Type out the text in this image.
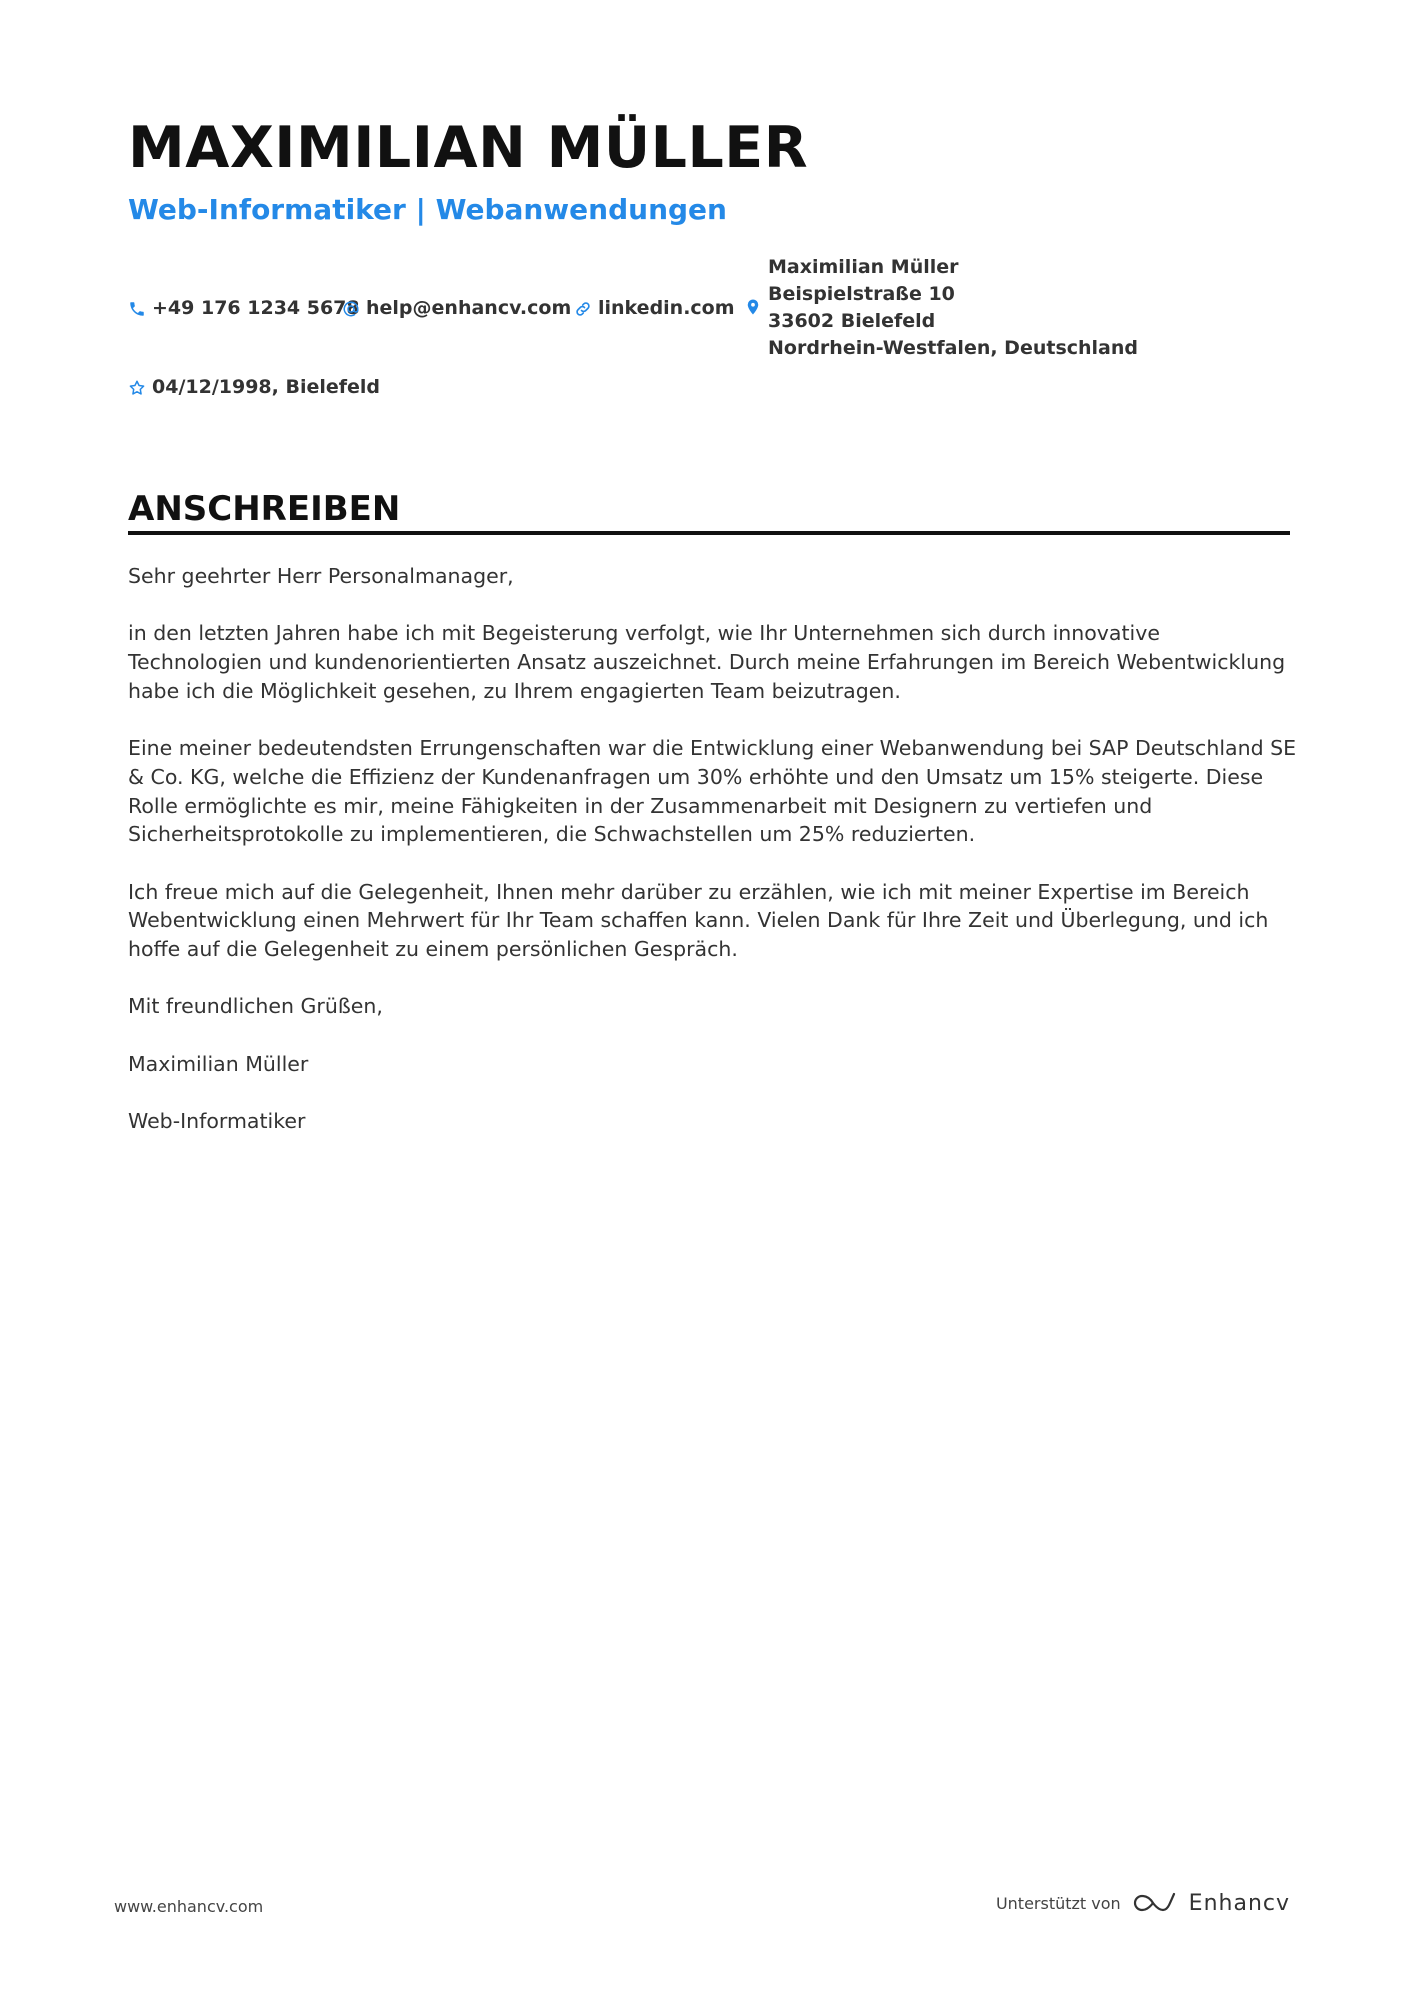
MAXIMILIAN MÜLLER
Web-Informatiker | Webanwendungen
+49 176 1234 5678 help@enhancv.com linkedin.com
Maximilian Müller
Beispielstraße 10
33602 Bielefeld
Nordrhein-Westfalen, Deutschland
04/12/1998, Bielefeld
ANSCHREIBEN

Sehr geehrter Herr Personalmanager,

in den letzten Jahren habe ich mit Begeisterung verfolgt, wie Ihr Unternehmen sich durch innovative Technologien und kundenorientierten Ansatz auszeichnet. Durch meine Erfahrungen im Bereich Webentwicklung habe ich die Möglichkeit gesehen, zu Ihrem engagierten Team beizutragen.

Eine meiner bedeutendsten Errungenschaften war die Entwicklung einer Webanwendung bei SAP Deutschland SE & Co. KG, welche die Effizienz der Kundenanfragen um 30% erhöhte und den Umsatz um 15% steigerte. Diese Rolle ermöglichte es mir, meine Fähigkeiten in der Zusammenarbeit mit Designern zu vertiefen und Sicherheitsprotokolle zu implementieren, die Schwachstellen um 25% reduzierten.

Ich freue mich auf die Gelegenheit, Ihnen mehr darüber zu erzählen, wie ich mit meiner Expertise im Bereich Webentwicklung einen Mehrwert für Ihr Team schaffen kann. Vielen Dank für Ihre Zeit und Überlegung, und ich hoffe auf die Gelegenheit zu einem persönlichen Gespräch.

Mit freundlichen Grüßen,

Maximilian Müller

Web-Informatiker

www.enhancv.com	Unterstützt von	Enhancv
